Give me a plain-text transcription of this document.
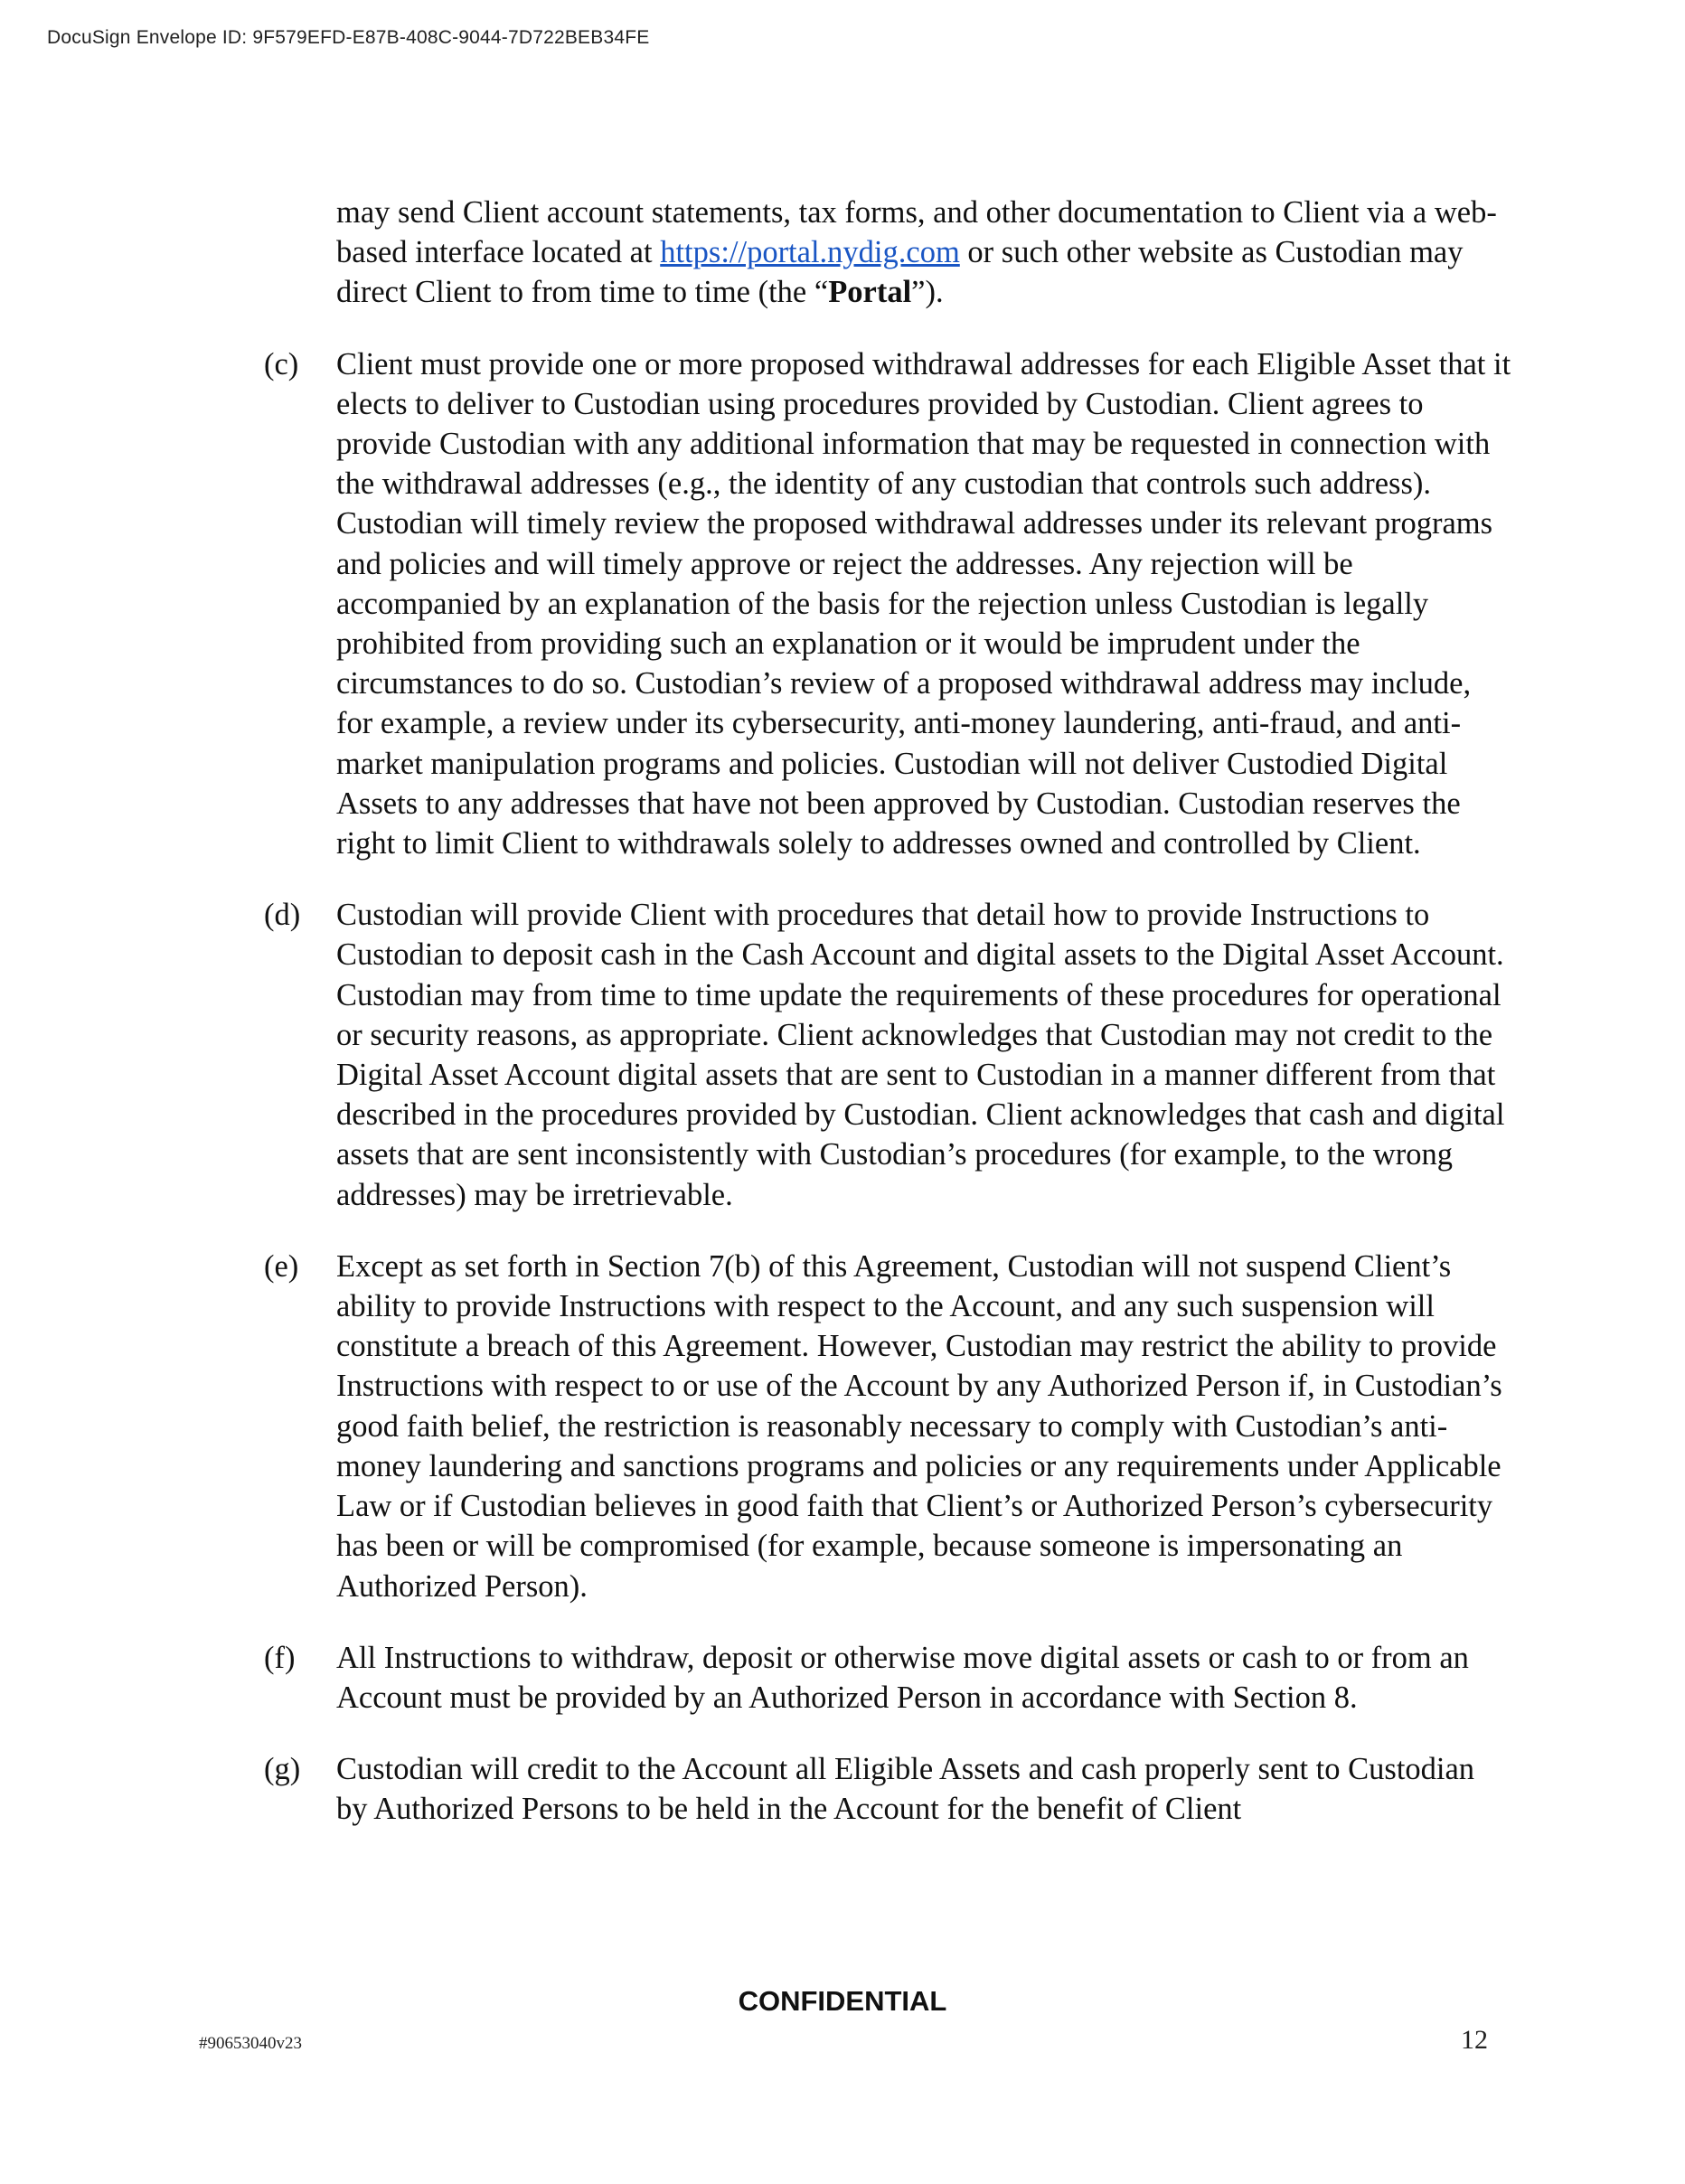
DocuSign Envelope ID: 9F579EFD-E87B-408C-9044-7D722BEB34FE

may send Client account statements, tax forms, and other documentation to Client via a web-based interface located at https://portal.nydig.com or such other website as Custodian may direct Client to from time to time (the “Portal”).

(c) Client must provide one or more proposed withdrawal addresses for each Eligible Asset that it elects to deliver to Custodian using procedures provided by Custodian. Client agrees to provide Custodian with any additional information that may be requested in connection with the withdrawal addresses (e.g., the identity of any custodian that controls such address). Custodian will timely review the proposed withdrawal addresses under its relevant programs and policies and will timely approve or reject the addresses. Any rejection will be accompanied by an explanation of the basis for the rejection unless Custodian is legally prohibited from providing such an explanation or it would be imprudent under the circumstances to do so. Custodian’s review of a proposed withdrawal address may include, for example, a review under its cybersecurity, anti-money laundering, anti-fraud, and anti-market manipulation programs and policies. Custodian will not deliver Custodied Digital Assets to any addresses that have not been approved by Custodian. Custodian reserves the right to limit Client to withdrawals solely to addresses owned and controlled by Client.

(d) Custodian will provide Client with procedures that detail how to provide Instructions to Custodian to deposit cash in the Cash Account and digital assets to the Digital Asset Account. Custodian may from time to time update the requirements of these procedures for operational or security reasons, as appropriate. Client acknowledges that Custodian may not credit to the Digital Asset Account digital assets that are sent to Custodian in a manner different from that described in the procedures provided by Custodian. Client acknowledges that cash and digital assets that are sent inconsistently with Custodian’s procedures (for example, to the wrong addresses) may be irretrievable.

(e) Except as set forth in Section 7(b) of this Agreement, Custodian will not suspend Client’s ability to provide Instructions with respect to the Account, and any such suspension will constitute a breach of this Agreement. However, Custodian may restrict the ability to provide Instructions with respect to or use of the Account by any Authorized Person if, in Custodian’s good faith belief, the restriction is reasonably necessary to comply with Custodian’s anti-money laundering and sanctions programs and policies or any requirements under Applicable Law or if Custodian believes in good faith that Client’s or Authorized Person’s cybersecurity has been or will be compromised (for example, because someone is impersonating an Authorized Person).

(f) All Instructions to withdraw, deposit or otherwise move digital assets or cash to or from an Account must be provided by an Authorized Person in accordance with Section 8.

(g) Custodian will credit to the Account all Eligible Assets and cash properly sent to Custodian by Authorized Persons to be held in the Account for the benefit of Client

CONFIDENTIAL
#90653040v23	12
